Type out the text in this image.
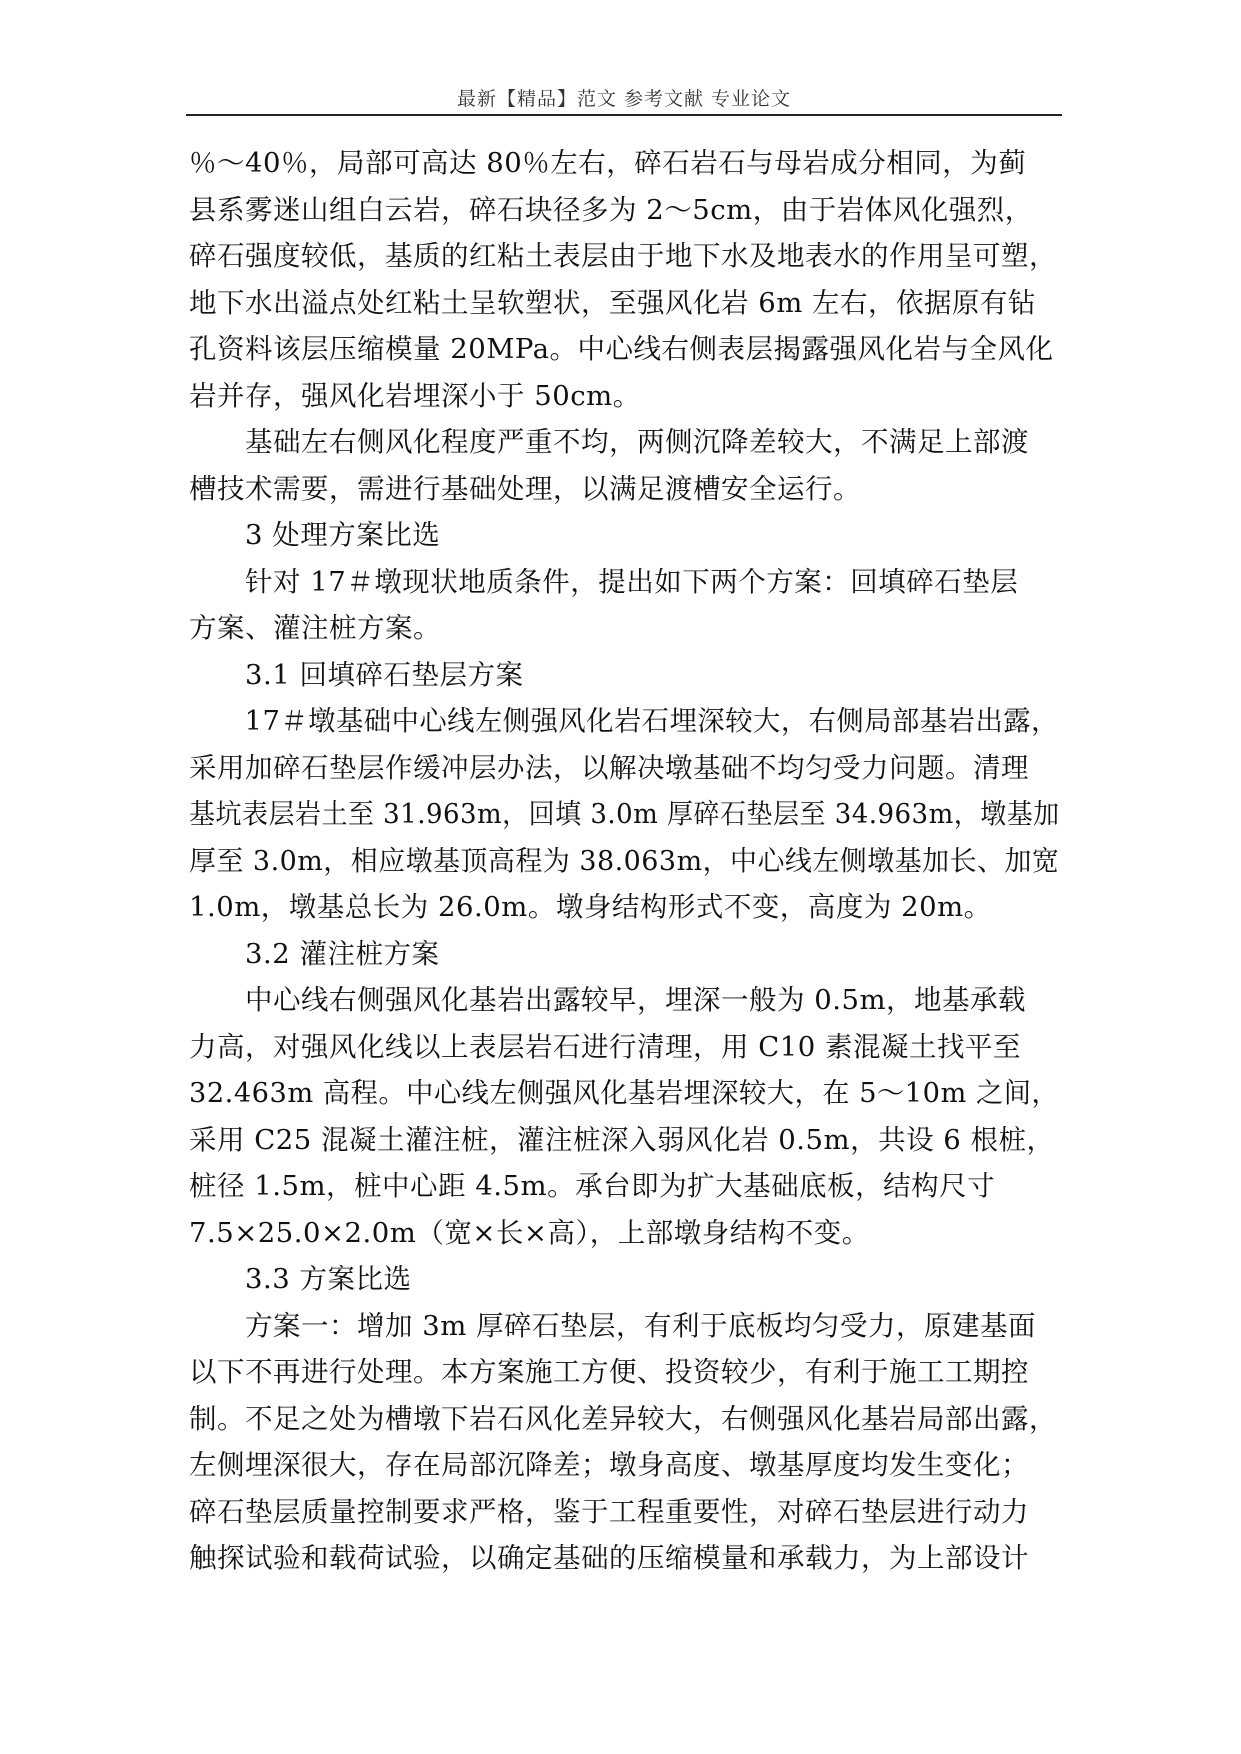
最新【精品】范文 参考文献 专业论文
％～40％，局部可高达 80％左右，碎石岩石与母岩成分相同，为蓟
县系雾迷山组白云岩，碎石块径多为 2～5cm，由于岩体风化强烈，
碎石强度较低，基质的红粘土表层由于地下水及地表水的作用呈可塑，
地下水出溢点处红粘土呈软塑状，至强风化岩 6m 左右，依据原有钻
孔资料该层压缩模量 20MPa。中心线右侧表层揭露强风化岩与全风化
岩并存，强风化岩埋深小于 50cm。
基础左右侧风化程度严重不均，两侧沉降差较大，不满足上部渡
槽技术需要，需进行基础处理，以满足渡槽安全运行。
3 处理方案比选
针对 17＃墩现状地质条件，提出如下两个方案：回填碎石垫层
方案、灌注桩方案。
3.1 回填碎石垫层方案
17＃墩基础中心线左侧强风化岩石埋深较大，右侧局部基岩出露，
采用加碎石垫层作缓冲层办法，以解决墩基础不均匀受力问题。清理
基坑表层岩土至 31.963m，回填 3.0m 厚碎石垫层至 34.963m，墩基加
厚至 3.0m，相应墩基顶高程为 38.063m，中心线左侧墩基加长、加宽
1.0m，墩基总长为 26.0m。墩身结构形式不变，高度为 20m。
3.2 灌注桩方案
中心线右侧强风化基岩出露较早，埋深一般为 0.5m，地基承载
力高，对强风化线以上表层岩石进行清理，用 C10 素混凝土找平至
32.463m 高程。中心线左侧强风化基岩埋深较大，在 5～10m 之间，
采用 C25 混凝土灌注桩，灌注桩深入弱风化岩 0.5m，共设 6 根桩，
桩径 1.5m，桩中心距 4.5m。承台即为扩大基础底板，结构尺寸
7.5×25.0×2.0m（宽×长×高），上部墩身结构不变。
3.3 方案比选
方案一：增加 3m 厚碎石垫层，有利于底板均匀受力，原建基面
以下不再进行处理。本方案施工方便、投资较少，有利于施工工期控
制。不足之处为槽墩下岩石风化差异较大，右侧强风化基岩局部出露，
左侧埋深很大，存在局部沉降差；墩身高度、墩基厚度均发生变化；
碎石垫层质量控制要求严格，鉴于工程重要性，对碎石垫层进行动力
触探试验和载荷试验，以确定基础的压缩模量和承载力，为上部设计
